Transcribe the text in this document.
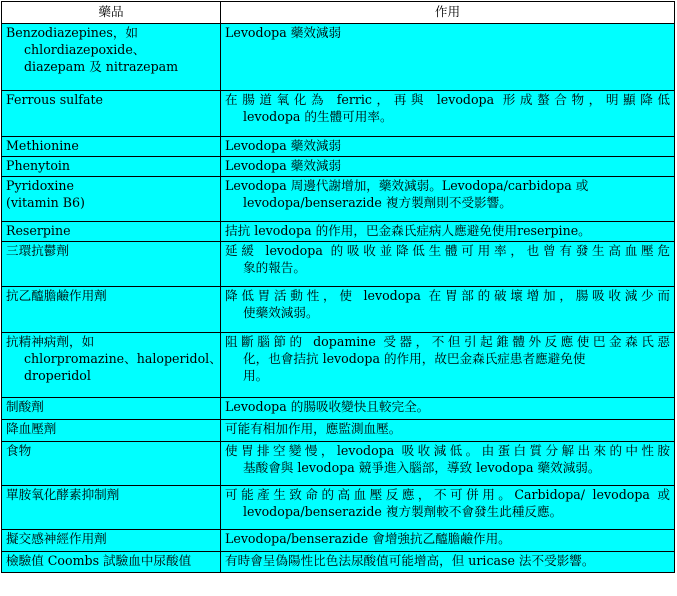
藥品	作用

Benzodiazepines，如
chlordiazepoxide、
diazepam 及 nitrazepam	Levodopa 藥效減弱

Ferrous sulfate	在腸道氧化為 ferric，再與 levodopa 形成螯合物，明顯降低
levodopa 的生體可用率。

Methionine	Levodopa 藥效減弱

Phenytoin	Levodopa 藥效減弱

Pyridoxine
(vitamin B6)	Levodopa 周邊代謝增加，藥效減弱。Levodopa/carbidopa 或
levodopa/benserazide 複方製劑則不受影響。

Reserpine	拮抗 levodopa 的作用，巴金森氏症病人應避免使用reserpine。

三環抗鬱劑	延緩 levodopa 的吸收並降低生體可用率，也曾有發生高血壓危
象的報告。

抗乙醯膽鹼作用劑	降低胃活動性，使 levodopa 在胃部的破壞增加，腸吸收減少而
使藥效減弱。

抗精神病劑，如
chlorpromazine、haloperidol、
droperidol	阻斷腦節的 dopamine 受器，不但引起錐體外反應使巴金森氏惡
化，也會拮抗 levodopa 的作用，故巴金森氏症患者應避免使
用。

制酸劑	Levodopa 的腸吸收變快且較完全。

降血壓劑	可能有相加作用，應監測血壓。

食物	使胃排空變慢，levodopa 吸收減低。由蛋白質分解出來的中性胺
基酸會與 levodopa 競爭進入腦部，導致 levodopa 藥效減弱。

單胺氧化酵素抑制劑	可能產生致命的高血壓反應，不可併用。Carbidopa/ levodopa 或
levodopa/benserazide 複方製劑較不會發生此種反應。

擬交感神經作用劑	Levodopa/benserazide 會增強抗乙醯膽鹼作用。

檢驗值 Coombs 試驗血中尿酸值	有時會呈偽陽性比色法尿酸值可能增高，但 uricase 法不受影響。
